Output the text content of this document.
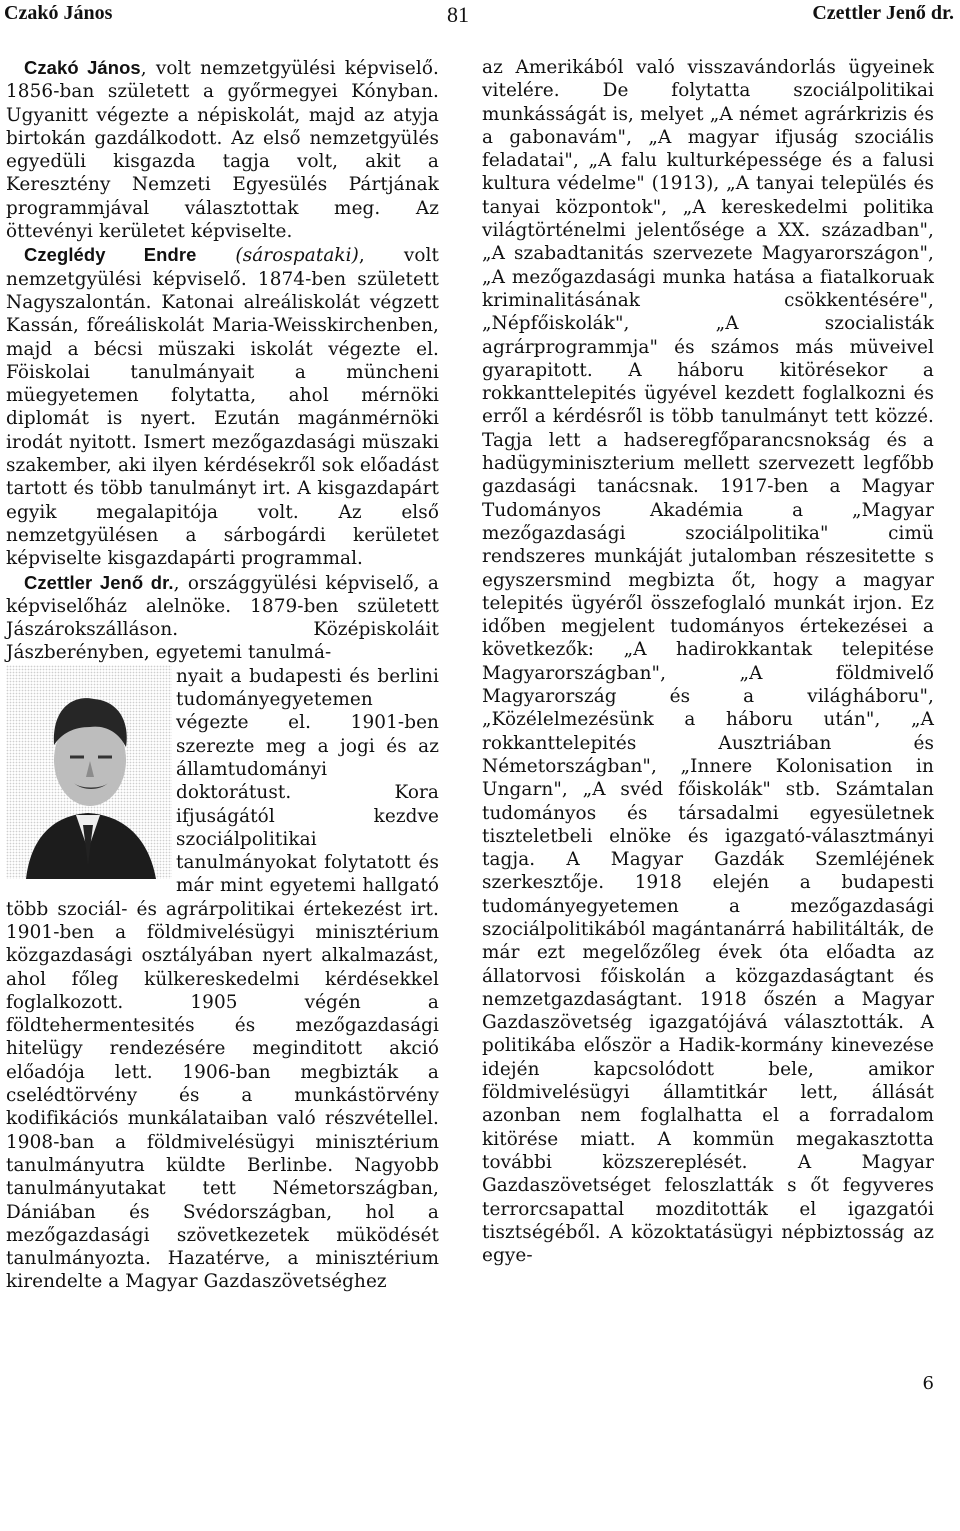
Czakó János	81	Czettler Jenő dr.

Czakó János, volt nemzetgyülési képviselő. 1856-ban született a győrmegyei Kónyban. Ugyanitt végezte a népiskolát, majd az atyja birtokán gazdálkodott. Az első nemzetgyülés egyedüli kisgazda tagja volt, akit a Keresztény Nemzeti Egyesülés Pártjának programmjával választottak meg. Az öttevényi kerületet képviselte.

Czeglédy Endre (sárospataki), volt nemzetgyülési képviselő. 1874-ben született Nagyszalontán. Katonai alreáliskolát végzett Kassán, főreáliskolát Maria-Weisskirchenben, majd a bécsi müszaki iskolát végezte el. Föiskolai tanulmányait a müncheni müegyetemen folytatta, ahol mérnöki diplomát is nyert. Ezután magánmérnöki irodát nyitott. Ismert mezőgazdasági müszaki szakember, aki ilyen kérdésekről sok előadást tartott és több tanulmányt irt. A kisgazdapárt egyik megalapitója volt. Az első nemzetgyülésen a sárbogárdi kerületet képviselte kisgazdapárti programmal.

Czettler Jenő dr., országgyülési képviselő, a képviselőház alelnöke. 1879-ben született Jászárokszálláson. Középiskoláit Jászberényben, egyetemi tanulmá-

nyait a budapesti és berlini tudományegyetemen végezte el. 1901-ben szerezte meg a jogi és az államtudományi doktorátust. Kora ifjuságától kezdve szociálpolitikai tanulmányokat folytatott és már mint egyetemi hallgató több szociál- és agrárpolitikai értekezést irt. 1901-ben a földmivelésügyi minisztérium közgazdasági osztályában nyert alkalmazást, ahol főleg külkereskedelmi kérdésekkel foglalkozott. 1905 végén a földtehermentesités és mezőgazdasági hitelügy rendezésére meginditott akció előadója lett. 1906-ban megbizták a cselédtörvény és a munkástörvény kodifikációs munkálataiban való részvétellel. 1908-ban a földmivelésügyi minisztérium tanulmányutra küldte Berlinbe. Nagyobb tanulmányutakat tett Németországban, Dániában és Svédországban, hol a mezőgazdasági szövetkezetek müködését tanulmányozta. Hazatérve, a minisztérium kirendelte a Magyar Gazdaszövetséghez

az Amerikából való visszavándorlás ügyeinek vitelére. De folytatta szociálpolitikai munkásságát is, melyet „A német agrárkrizis és a gabonavám", „A magyar ifjuság szociális feladatai", „A falu kulturképessége és a falusi kultura védelme" (1913), „A tanyai település és tanyai központok", „A kereskedelmi politika világtörténelmi jelentősége a XX. században", „A szabadtanitás szervezete Magyarországon", „A mezőgazdasági munka hatása a fiatalkoruak kriminalitásának csökkentésére", „Népfőiskolák", „A szocialisták agrárprogrammja" és számos más müveivel gyarapitott. A háboru kitörésekor a rokkanttelepités ügyével kezdett foglalkozni és erről a kérdésről is több tanulmányt tett közzé. Tagja lett a hadseregfőparancsnokság és a hadügyminiszterium mellett szervezett legfőbb gazdasági tanácsnak. 1917-ben a Magyar Tudományos Akadémia a „Magyar mezőgazdasági szociálpolitika" cimü rendszeres munkáját jutalomban részesitette s egyszersmind megbizta őt, hogy a magyar telepités ügyéről összefoglaló munkát irjon. Ez időben megjelent tudományos értekezései a következők: „A hadirokkantak telepitése Magyarországban", „A földmivelő Magyarország és a világháboru", „Közélelmezésünk a háboru után", „A rokkanttelepités Ausztriában és Németországban", „Innere Kolonisation in Ungarn", „A svéd főiskolák" stb. Számtalan tudományos és társadalmi egyesületnek tiszteletbeli elnöke és igazgató-választmányi tagja. A Magyar Gazdák Szemléjének szerkesztője. 1918 elején a budapesti tudományegyetemen a mezőgazdasági szociálpolitikából magántanárrá habilitálták, de már ezt megelőzőleg évek óta előadta az állatorvosi főiskolán a közgazdaságtant és nemzetgazdaságtant. 1918 őszén a Magyar Gazdaszövetség igazgatójává választották. A politikába először a Hadik-kormány kinevezése idején kapcsolódott bele, amikor földmivelésügyi államtitkár lett, állását azonban nem foglalhatta el a forradalom kitörése miatt. A kommün megakasztotta további közszereplését. A Magyar Gazdaszövetséget feloszlatták s őt fegyveres terrorcsapattal mozditották el igazgatói tisztségéből. A közoktatásügyi népbiztosság az egye-

6
